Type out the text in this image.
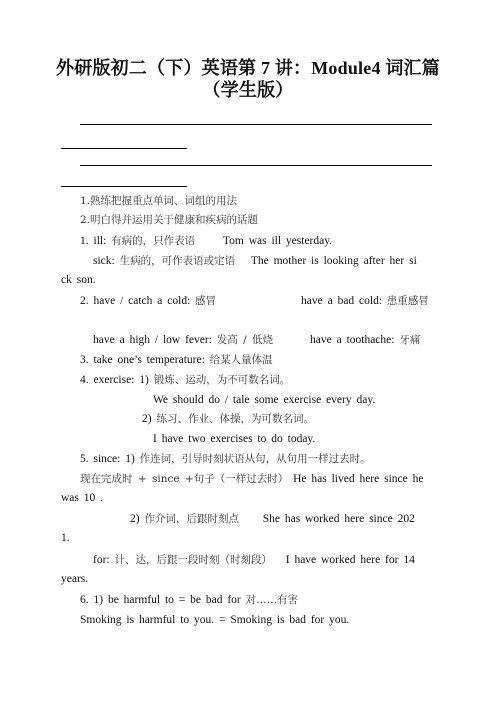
外研版初二（下）英语第 7 讲：Module4 词汇篇
（学生版）
1.熟练把握重点单词、词组的用法
2.明白得并运用关于健康和疾病的话题
1. ill: 有病的，只作表语 Tom was ill yesterday.
sick: 生病的，可作表语或定语 The mother is looking after her si
ck son.
2. have / catch a cold: 感冒	have a bad cold: 患重感冒
have a high / low fever: 发高 / 低烧	have a toothache: 牙痛
3. take one’s temperature: 给某人量体温
4. exercise: 1) 锻炼、运动，为不可数名词。
We should do / tale some exercise every day.
2) 练习、作业、体操，为可数名词。
I have two exercises to do today.
5. since: 1) 作连词，引导时刻状语从句，从句用一样过去时。
现在完成时 + since +句子（一样过去时） He has lived here since he
was 10 .
2) 作介词，后跟时刻点 She has worked here since 202
1.
for: 计、达，后跟一段时刻（时刻段） I have worked here for 14
years.
6. 1) be harmful to = be bad for 对……有害
Smoking is harmful to you. = Smoking is bad for you.
